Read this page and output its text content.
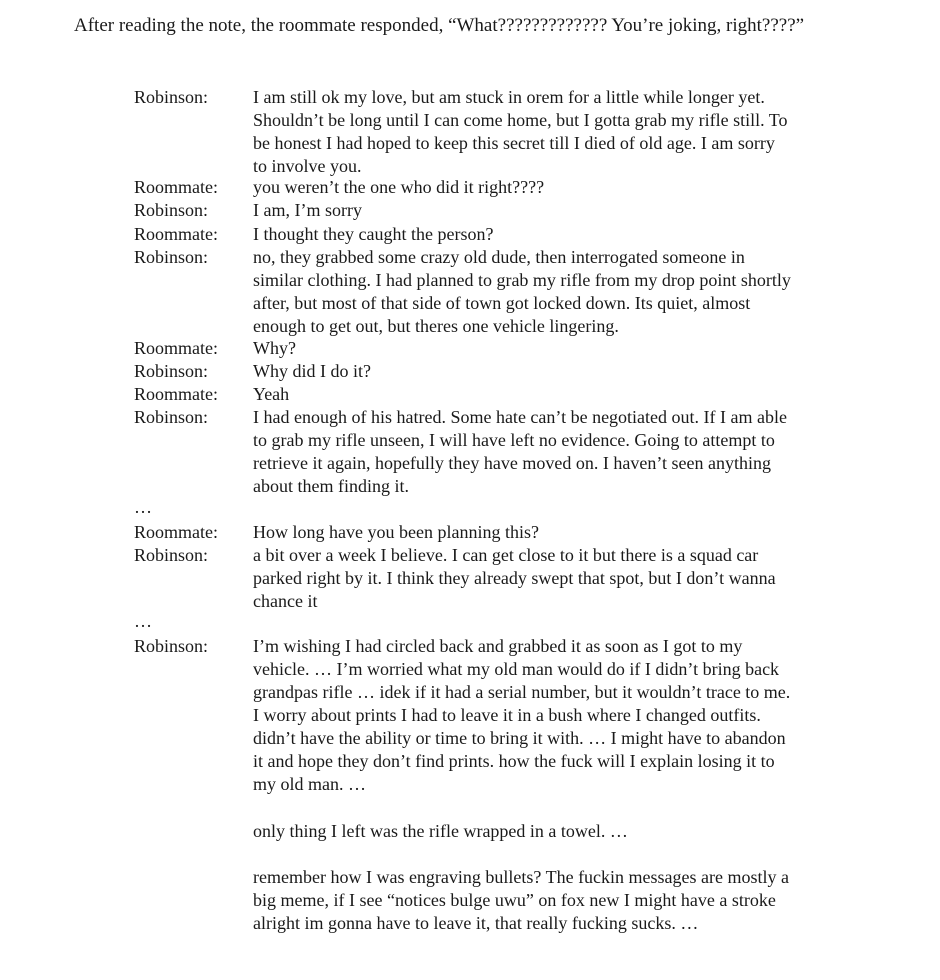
After reading the note, the roommate responded, “What????????????? You’re joking, right????”
Robinson: I am still ok my love, but am stuck in orem for a little while longer yet.
Shouldn’t be long until I can come home, but I gotta grab my rifle still. To
be honest I had hoped to keep this secret till I died of old age. I am sorry
to involve you.
Roommate: you weren’t the one who did it right????
Robinson: I am, I’m sorry
Roommate: I thought they caught the person?
Robinson: no, they grabbed some crazy old dude, then interrogated someone in
similar clothing. I had planned to grab my rifle from my drop point shortly
after, but most of that side of town got locked down. Its quiet, almost
enough to get out, but theres one vehicle lingering.
Roommate: Why?
Robinson: Why did I do it?
Roommate: Yeah
Robinson: I had enough of his hatred. Some hate can’t be negotiated out. If I am able
to grab my rifle unseen, I will have left no evidence. Going to attempt to
retrieve it again, hopefully they have moved on. I haven’t seen anything
about them finding it.
Roommate: How long have you been planning this?
Robinson: a bit over a week I believe. I can get close to it but there is a squad car
parked right by it. I think they already swept that spot, but I don’t wanna
chance it
Robinson: I’m wishing I had circled back and grabbed it as soon as I got to my
vehicle. … I’m worried what my old man would do if I didn’t bring back
grandpas rifle … idek if it had a serial number, but it wouldn’t trace to me.
I worry about prints I had to leave it in a bush where I changed outfits.
didn’t have the ability or time to bring it with. … I might have to abandon
it and hope they don’t find prints. how the fuck will I explain losing it to
my old man. …
only thing I left was the rifle wrapped in a towel. …
remember how I was engraving bullets? The fuckin messages are mostly a
big meme, if I see “notices bulge uwu” on fox new I might have a stroke
alright im gonna have to leave it, that really fucking sucks. …
…
…
